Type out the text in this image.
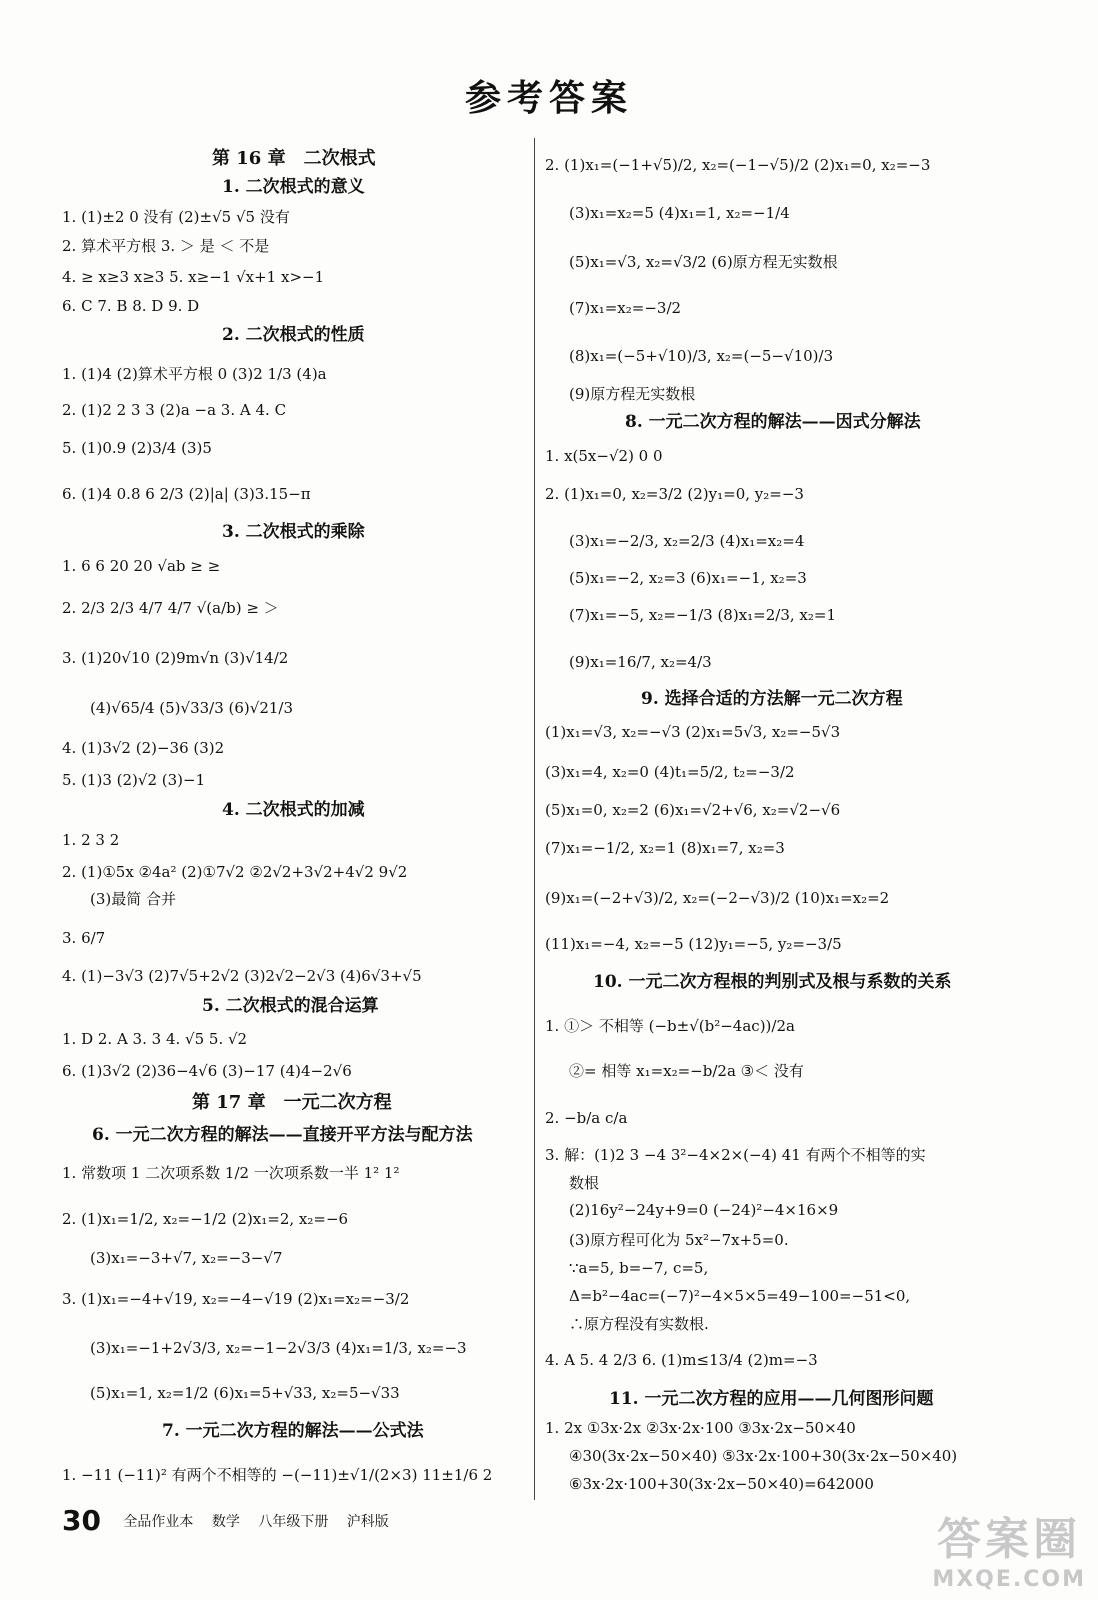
参考答案
第 16 章　二次根式
1. 二次根式的意义
1. (1)±2 0 没有 (2)±√5 √5 没有
2. 算术平方根 3. ＞ 是 ＜ 不是
4. ≥ x≥3 x≥3 5. x≥−1 √x+1 x>−1
6. C 7. B 8. D 9. D
2. 二次根式的性质
1. (1)4 (2)算术平方根 0 (3)2 1/3 (4)a
2. (1)2 2 3 3 (2)a −a 3. A 4. C
5. (1)0.9 (2)3/4 (3)5
6. (1)4 0.8 6 2/3 (2)|a| (3)3.15−π
3. 二次根式的乘除
1. 6 6 20 20 √ab ≥ ≥
2. 2/3 2/3 4/7 4/7 √(a/b) ≥ ＞
3. (1)20√10 (2)9m√n (3)√14/2
(4)√65/4 (5)√33/3 (6)√21/3
4. (1)3√2 (2)−36 (3)2
5. (1)3 (2)√2 (3)−1
4. 二次根式的加减
1. 2 3 2
2. (1)①5x ②4a² (2)①7√2 ②2√2+3√2+4√2 9√2
(3)最简 合并
3. 6/7
4. (1)−3√3 (2)7√5+2√2 (3)2√2−2√3 (4)6√3+√5
5. 二次根式的混合运算
1. D 2. A 3. 3 4. √5 5. √2
6. (1)3√2 (2)36−4√6 (3)−17 (4)4−2√6
第 17 章　一元二次方程
6. 一元二次方程的解法——直接开平方法与配方法
1. 常数项 1 二次项系数 1/2 一次项系数一半 1² 1²
2. (1)x₁=1/2, x₂=−1/2 (2)x₁=2, x₂=−6
(3)x₁=−3+√7, x₂=−3−√7
3. (1)x₁=−4+√19, x₂=−4−√19 (2)x₁=x₂=−3/2
(3)x₁=−1+2√3/3, x₂=−1−2√3/3 (4)x₁=1/3, x₂=−3
(5)x₁=1, x₂=1/2 (6)x₁=5+√33, x₂=5−√33
7. 一元二次方程的解法——公式法
1. −11 (−11)² 有两个不相等的 −(−11)±√1/(2×3) 11±1/6 2
2. (1)x₁=(−1+√5)/2, x₂=(−1−√5)/2 (2)x₁=0, x₂=−3
(3)x₁=x₂=5 (4)x₁=1, x₂=−1/4
(5)x₁=√3, x₂=√3/2 (6)原方程无实数根
(7)x₁=x₂=−3/2
(8)x₁=(−5+√10)/3, x₂=(−5−√10)/3
(9)原方程无实数根
8. 一元二次方程的解法——因式分解法
1. x(5x−√2) 0 0
2. (1)x₁=0, x₂=3/2 (2)y₁=0, y₂=−3
(3)x₁=−2/3, x₂=2/3 (4)x₁=x₂=4
(5)x₁=−2, x₂=3 (6)x₁=−1, x₂=3
(7)x₁=−5, x₂=−1/3 (8)x₁=2/3, x₂=1
(9)x₁=16/7, x₂=4/3
9. 选择合适的方法解一元二次方程
(1)x₁=√3, x₂=−√3 (2)x₁=5√3, x₂=−5√3
(3)x₁=4, x₂=0 (4)t₁=5/2, t₂=−3/2
(5)x₁=0, x₂=2 (6)x₁=√2+√6, x₂=√2−√6
(7)x₁=−1/2, x₂=1 (8)x₁=7, x₂=3
(9)x₁=(−2+√3)/2, x₂=(−2−√3)/2 (10)x₁=x₂=2
(11)x₁=−4, x₂=−5 (12)y₁=−5, y₂=−3/5
10. 一元二次方程根的判别式及根与系数的关系
1. ①＞ 不相等 (−b±√(b²−4ac))/2a
②= 相等 x₁=x₂=−b/2a ③＜ 没有
2. −b/a c/a
3. 解：(1)2 3 −4 3²−4×2×(−4) 41 有两个不相等的实
数根
(2)16y²−24y+9=0 (−24)²−4×16×9
(3)原方程可化为 5x²−7x+5=0.
∵a=5, b=−7, c=5,
Δ=b²−4ac=(−7)²−4×5×5=49−100=−51<0,
∴原方程没有实数根.
4. A 5. 4 2/3 6. (1)m≤13/4 (2)m=−3
11. 一元二次方程的应用——几何图形问题
1. 2x ①3x·2x ②3x·2x·100 ③3x·2x−50×40
④30(3x·2x−50×40) ⑤3x·2x·100+30(3x·2x−50×40)
⑥3x·2x·100+30(3x·2x−50×40)=642000
30 全品作业本 数学 八年级下册 沪科版	答案圈
MXQE.COM
